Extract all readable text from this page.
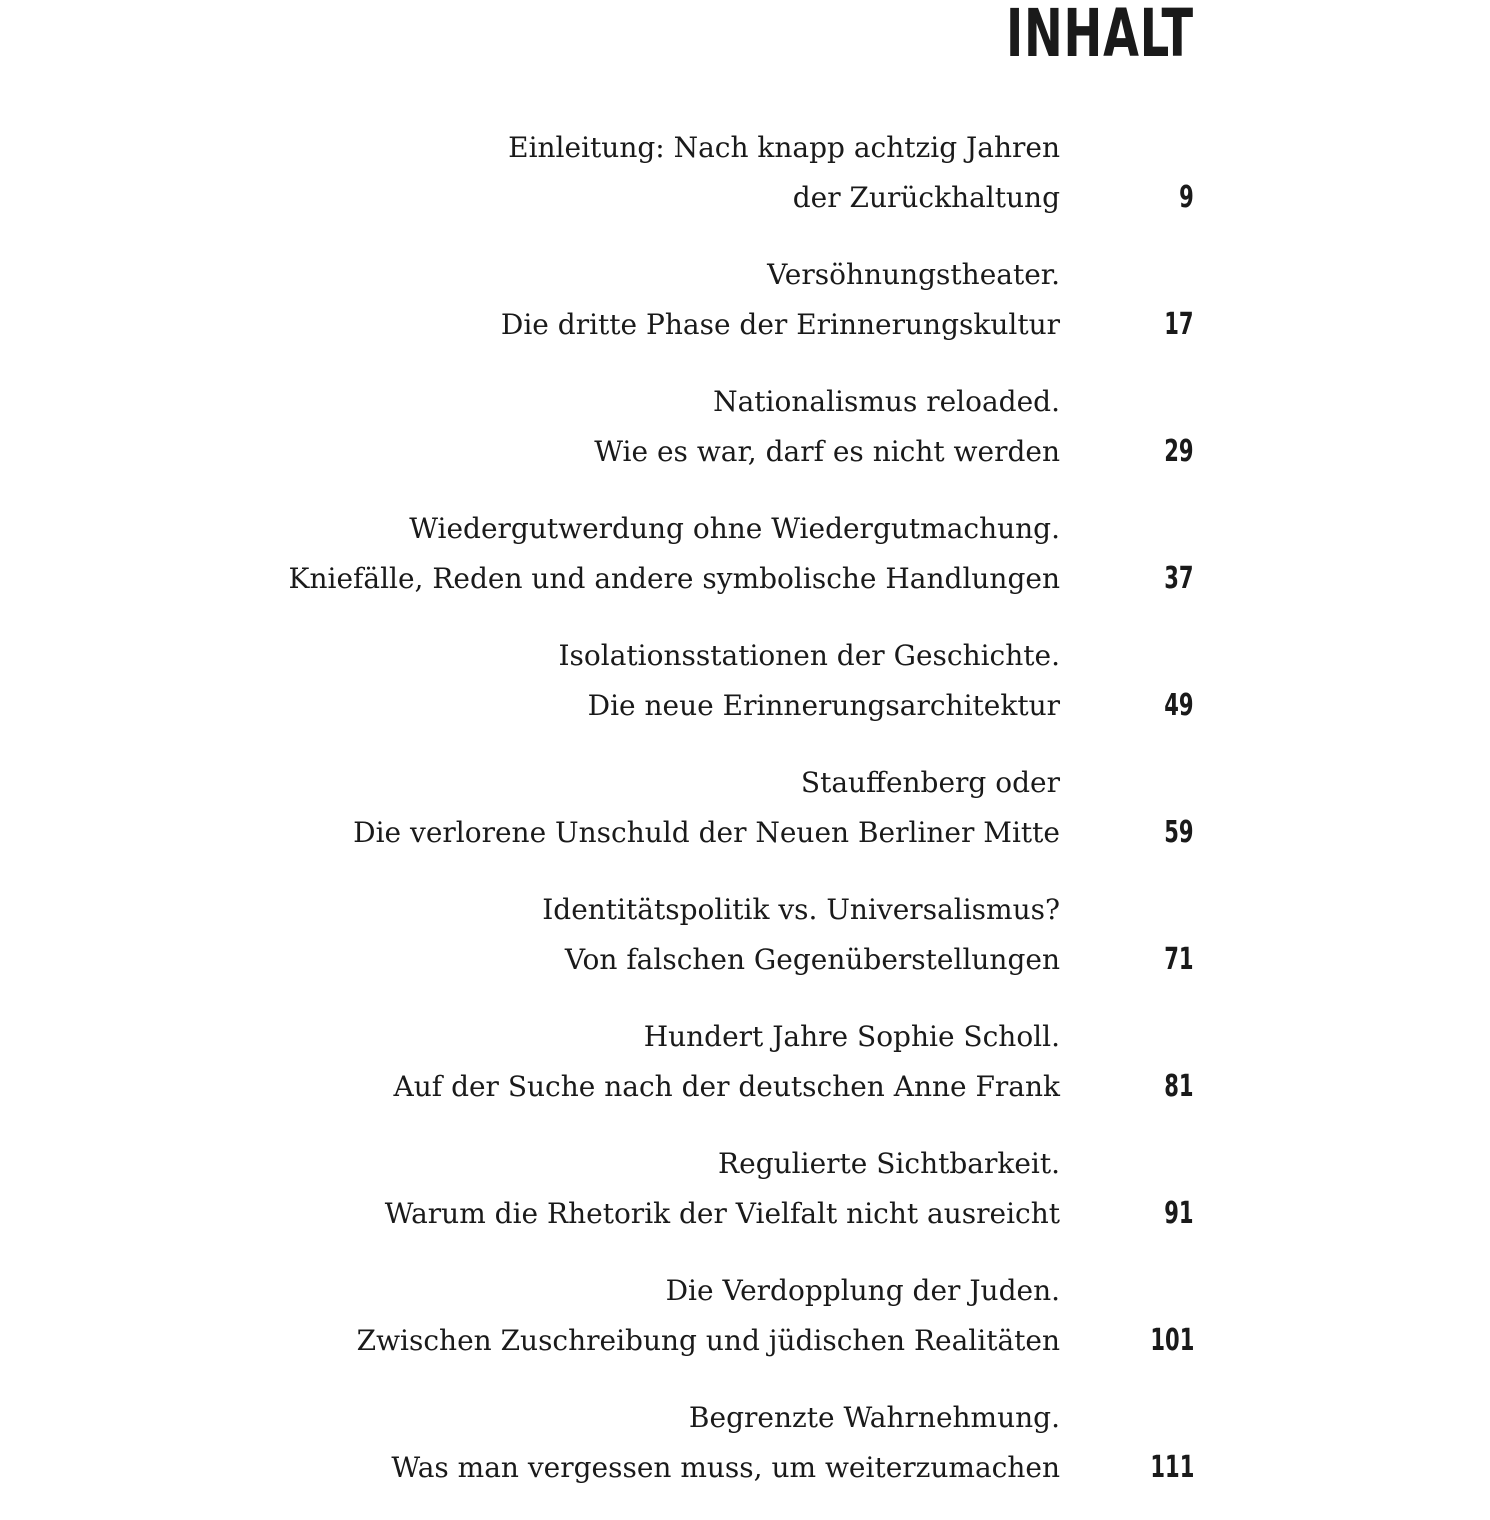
INHALT
Einleitung: Nach knapp achtzig Jahren
der Zurückhaltung	9
Versöhnungstheater.
Die dritte Phase der Erinnerungskultur	17
Nationalismus reloaded.
Wie es war, darf es nicht werden	29
Wiedergutwerdung ohne Wiedergutmachung.
Kniefälle, Reden und andere symbolische Handlungen	37
Isolationsstationen der Geschichte.
Die neue Erinnerungsarchitektur	49
Stauffenberg oder
Die verlorene Unschuld der Neuen Berliner Mitte	59
Identitätspolitik vs. Universalismus?
Von falschen Gegenüberstellungen	71
Hundert Jahre Sophie Scholl.
Auf der Suche nach der deutschen Anne Frank	81
Regulierte Sichtbarkeit.
Warum die Rhetorik der Vielfalt nicht ausreicht	91
Die Verdopplung der Juden.
Zwischen Zuschreibung und jüdischen Realitäten	101
Begrenzte Wahrnehmung.
Was man vergessen muss, um weiterzumachen	111
